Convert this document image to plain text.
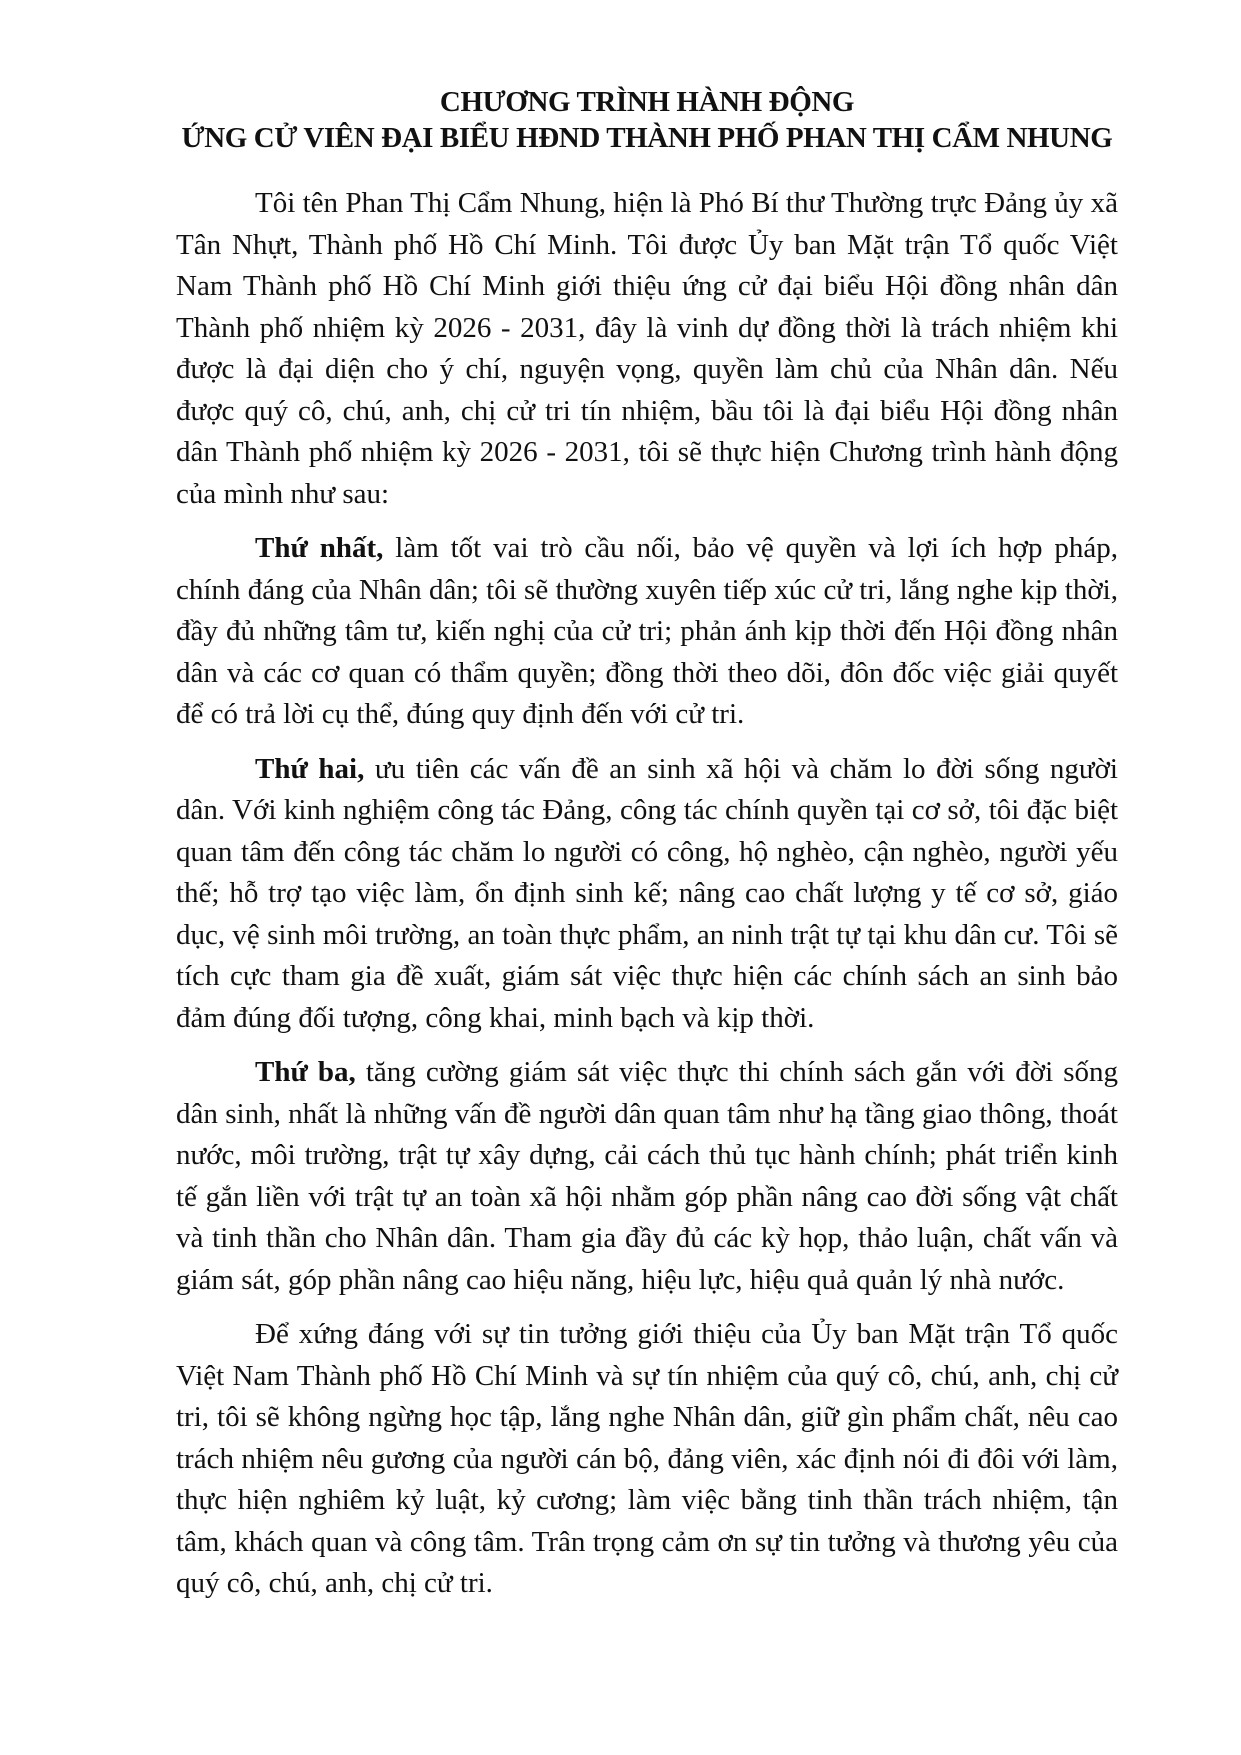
CHƯƠNG TRÌNH HÀNH ĐỘNG
ỨNG CỬ VIÊN ĐẠI BIỂU HĐND THÀNH PHỐ PHAN THỊ CẨM NHUNG

Tôi tên Phan Thị Cẩm Nhung, hiện là Phó Bí thư Thường trực Đảng ủy xã Tân Nhựt, Thành phố Hồ Chí Minh. Tôi được Ủy ban Mặt trận Tổ quốc Việt Nam Thành phố Hồ Chí Minh giới thiệu ứng cử đại biểu Hội đồng nhân dân Thành phố nhiệm kỳ 2026 - 2031, đây là vinh dự đồng thời là trách nhiệm khi được là đại diện cho ý chí, nguyện vọng, quyền làm chủ của Nhân dân. Nếu được quý cô, chú, anh, chị cử tri tín nhiệm, bầu tôi là đại biểu Hội đồng nhân dân Thành phố nhiệm kỳ 2026 - 2031, tôi sẽ thực hiện Chương trình hành động của mình như sau:

Thứ nhất, làm tốt vai trò cầu nối, bảo vệ quyền và lợi ích hợp pháp, chính đáng của Nhân dân; tôi sẽ thường xuyên tiếp xúc cử tri, lắng nghe kịp thời, đầy đủ những tâm tư, kiến nghị của cử tri; phản ánh kịp thời đến Hội đồng nhân dân và các cơ quan có thẩm quyền; đồng thời theo dõi, đôn đốc việc giải quyết để có trả lời cụ thể, đúng quy định đến với cử tri.

Thứ hai, ưu tiên các vấn đề an sinh xã hội và chăm lo đời sống người dân. Với kinh nghiệm công tác Đảng, công tác chính quyền tại cơ sở, tôi đặc biệt quan tâm đến công tác chăm lo người có công, hộ nghèo, cận nghèo, người yếu thế; hỗ trợ tạo việc làm, ổn định sinh kế; nâng cao chất lượng y tế cơ sở, giáo dục, vệ sinh môi trường, an toàn thực phẩm, an ninh trật tự tại khu dân cư. Tôi sẽ tích cực tham gia đề xuất, giám sát việc thực hiện các chính sách an sinh bảo đảm đúng đối tượng, công khai, minh bạch và kịp thời.

Thứ ba, tăng cường giám sát việc thực thi chính sách gắn với đời sống dân sinh, nhất là những vấn đề người dân quan tâm như hạ tầng giao thông, thoát nước, môi trường, trật tự xây dựng, cải cách thủ tục hành chính; phát triển kinh tế gắn liền với trật tự an toàn xã hội nhằm góp phần nâng cao đời sống vật chất và tinh thần cho Nhân dân. Tham gia đầy đủ các kỳ họp, thảo luận, chất vấn và giám sát, góp phần nâng cao hiệu năng, hiệu lực, hiệu quả quản lý nhà nước.

Để xứng đáng với sự tin tưởng giới thiệu của Ủy ban Mặt trận Tổ quốc Việt Nam Thành phố Hồ Chí Minh và sự tín nhiệm của quý cô, chú, anh, chị cử tri, tôi sẽ không ngừng học tập, lắng nghe Nhân dân, giữ gìn phẩm chất, nêu cao trách nhiệm nêu gương của người cán bộ, đảng viên, xác định nói đi đôi với làm, thực hiện nghiêm kỷ luật, kỷ cương; làm việc bằng tinh thần trách nhiệm, tận tâm, khách quan và công tâm. Trân trọng cảm ơn sự tin tưởng và thương yêu của quý cô, chú, anh, chị cử tri.
